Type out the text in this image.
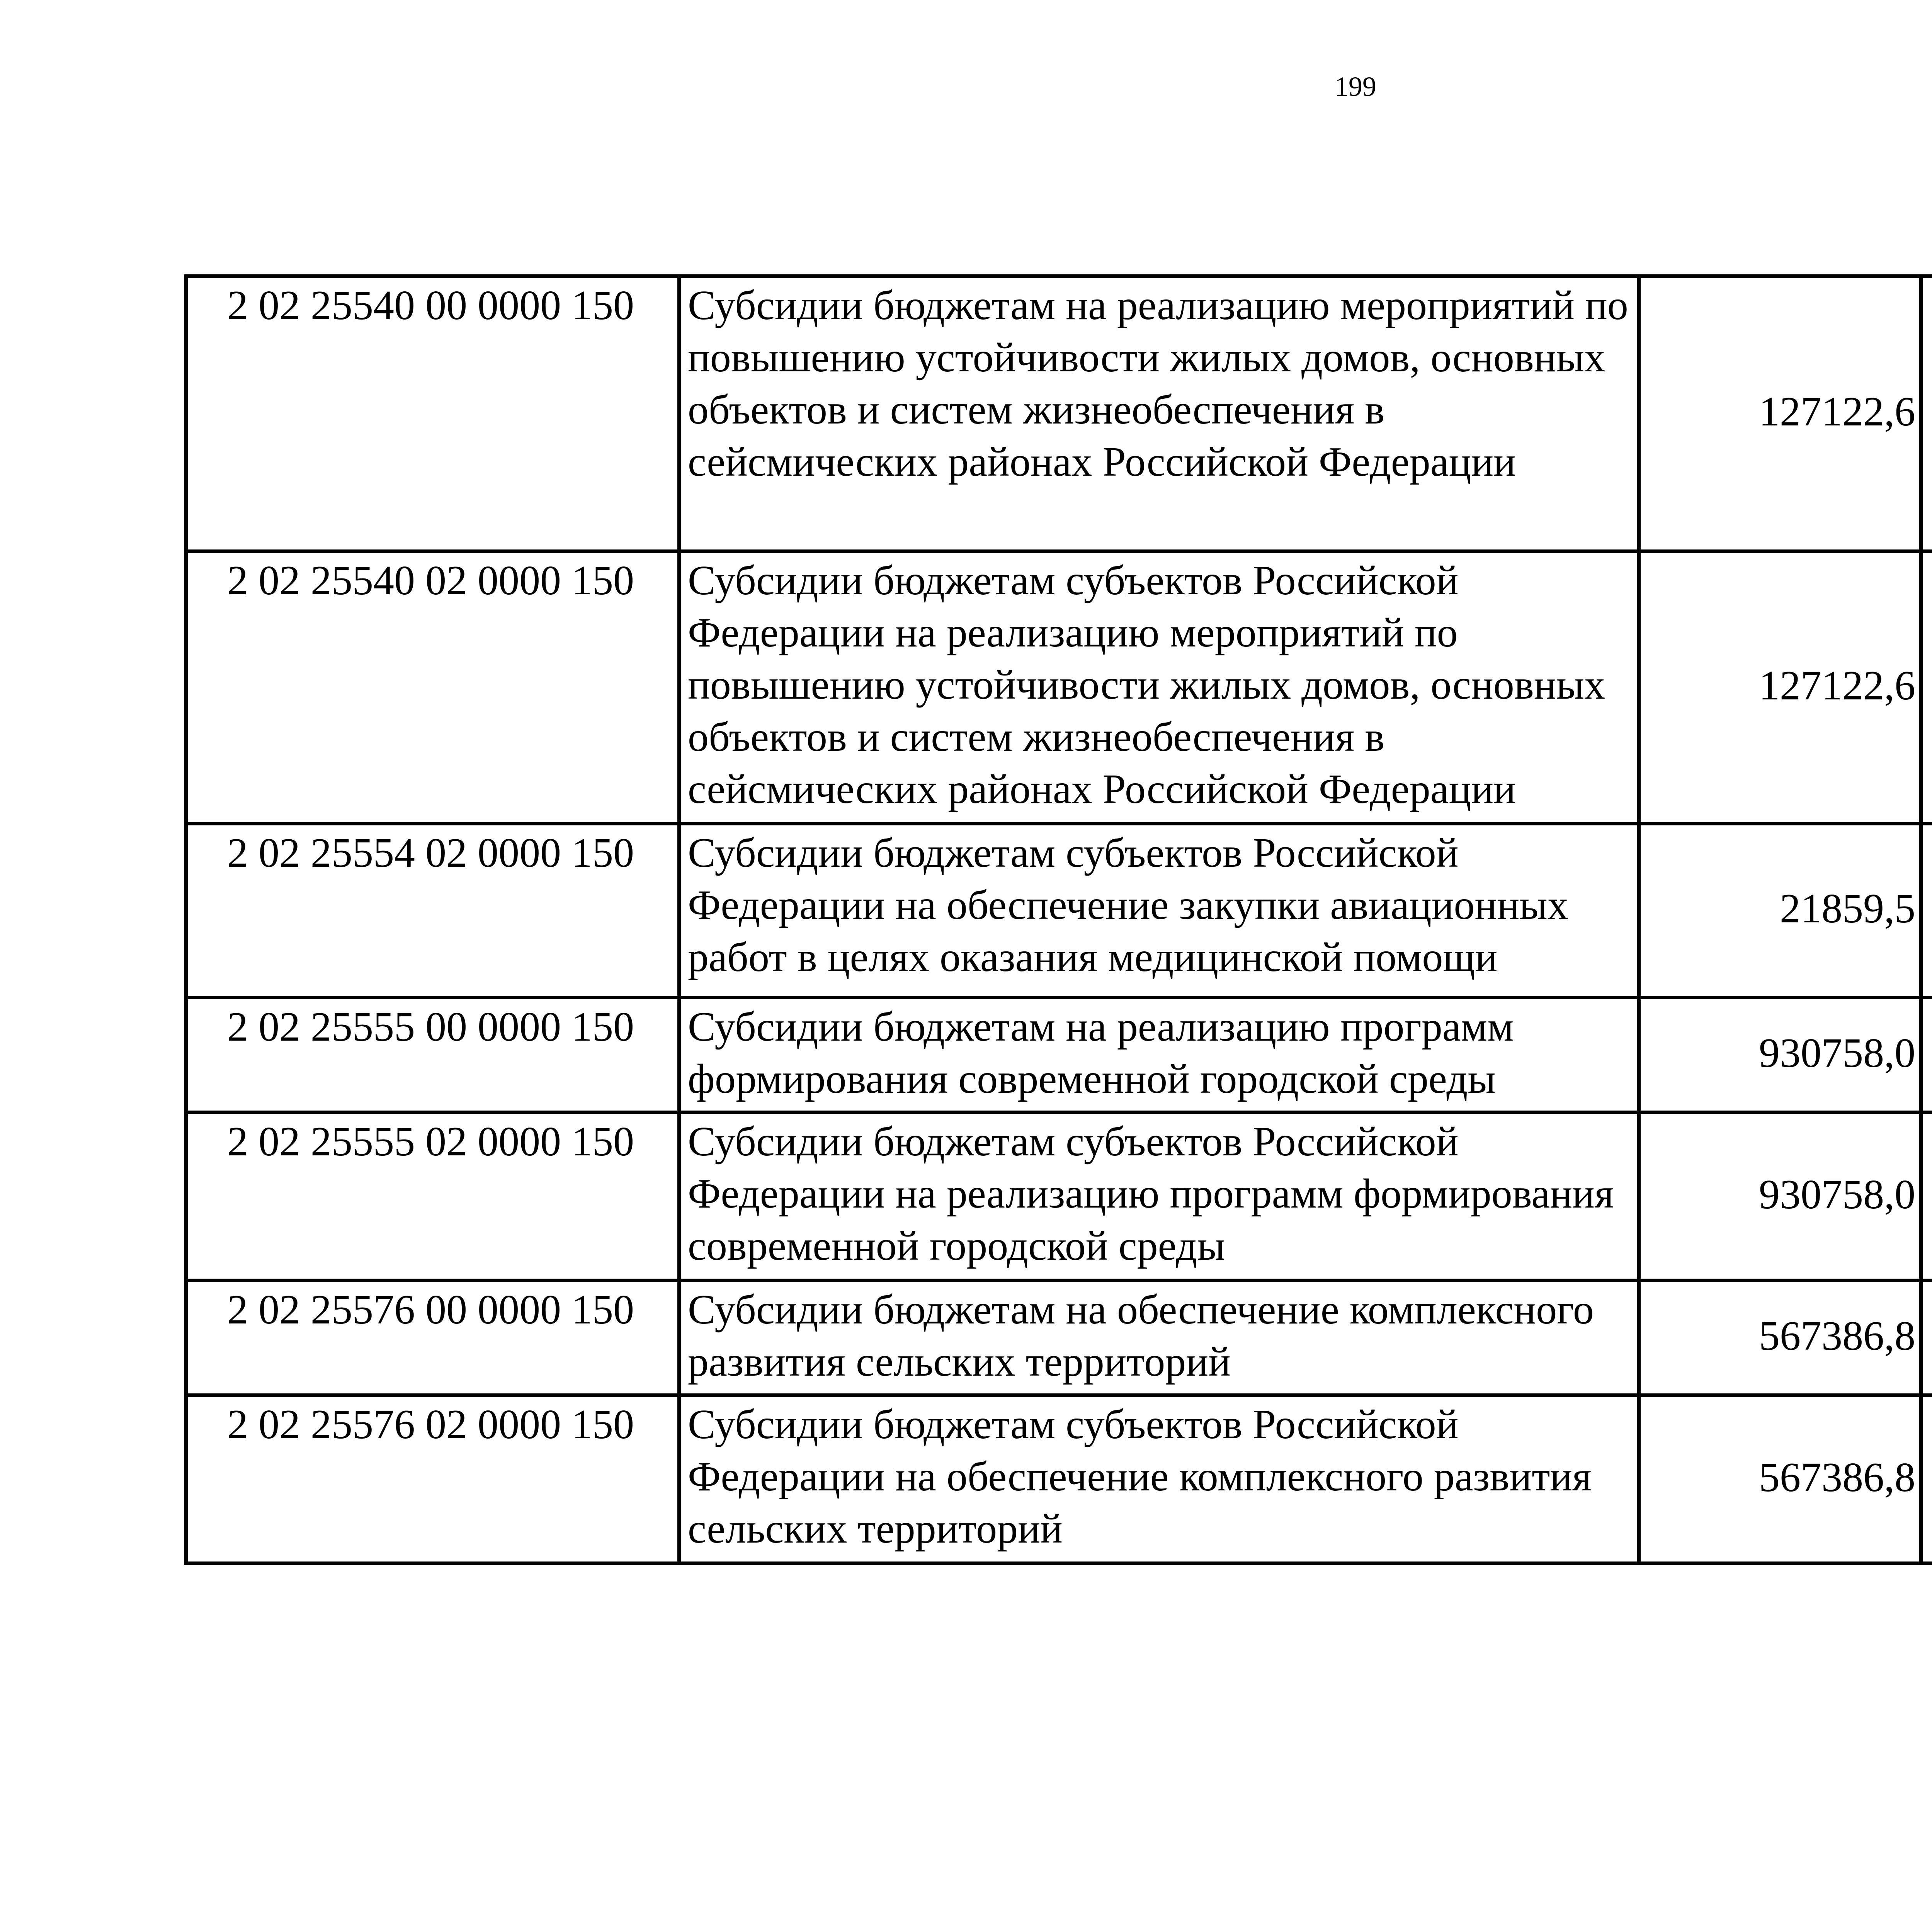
199
2 02 25540 00 0000 150	Субсидии бюджетам на реализацию мероприятий по повышению устойчивости жилых домов, основных объектов и систем жизнеобеспечения в сейсмических районах Российской Федерации	127122,6		
2 02 25540 02 0000 150	Субсидии бюджетам субъектов Российской Федерации на реализацию мероприятий по повышению устойчивости жилых домов, основных объектов и систем жизнеобеспечения в сейсмических районах Российской Федерации	127122,6		
2 02 25554 02 0000 150	Субсидии бюджетам субъектов Российской Федерации на обеспечение закупки авиационных работ в целях оказания медицинской помощи	21859,5		
2 02 25555 00 0000 150	Субсидии бюджетам на реализацию программ формирования современной городской среды	930758,0		
2 02 25555 02 0000 150	Субсидии бюджетам субъектов Российской Федерации на реализацию программ формирования современной городской среды	930758,0		
2 02 25576 00 0000 150	Субсидии бюджетам на обеспечение комплексного развития сельских территорий	567386,8		
2 02 25576 02 0000 150	Субсидии бюджетам субъектов Российской Федерации на обеспечение комплексного развития сельских территорий	567386,8		
